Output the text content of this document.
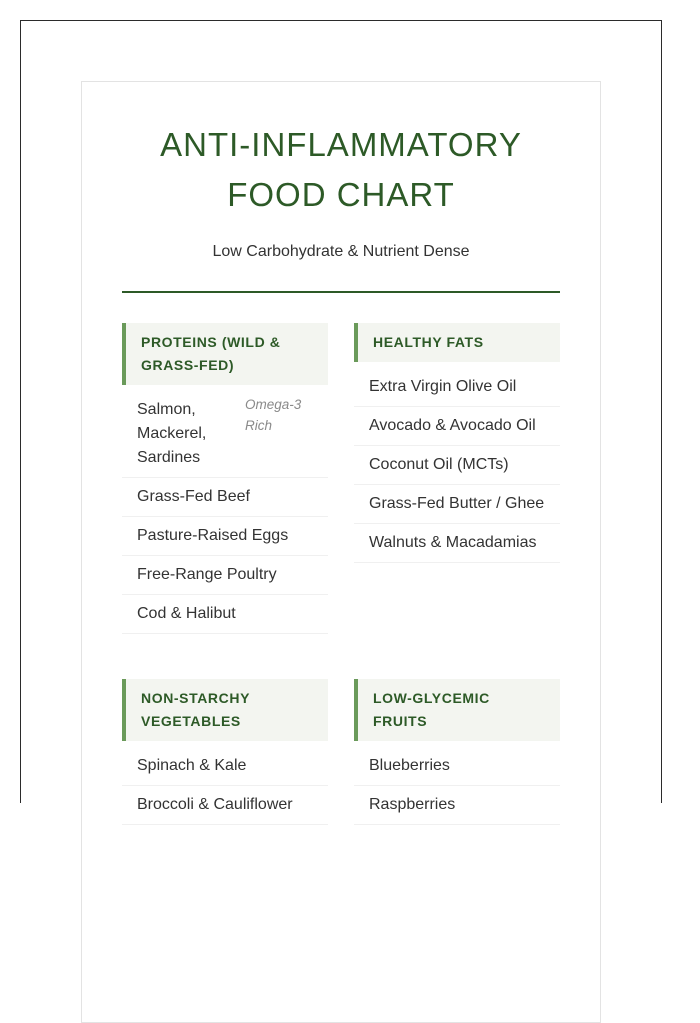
ANTI-INFLAMMATORY
FOOD CHART
Low Carbohydrate & Nutrient Dense
PROTEINS (WILD & GRASS-FED)
Salmon, Mackerel, Sardines
Omega-3 Rich
Grass-Fed Beef
Pasture-Raised Eggs
Free-Range Poultry
Cod & Halibut
HEALTHY FATS
Extra Virgin Olive Oil
Avocado & Avocado Oil
Coconut Oil (MCTs)
Grass-Fed Butter / Ghee
Walnuts & Macadamias
NON-STARCHY VEGETABLES
Spinach & Kale
Broccoli & Cauliflower
LOW-GLYCEMIC FRUITS
Blueberries
Raspberries
